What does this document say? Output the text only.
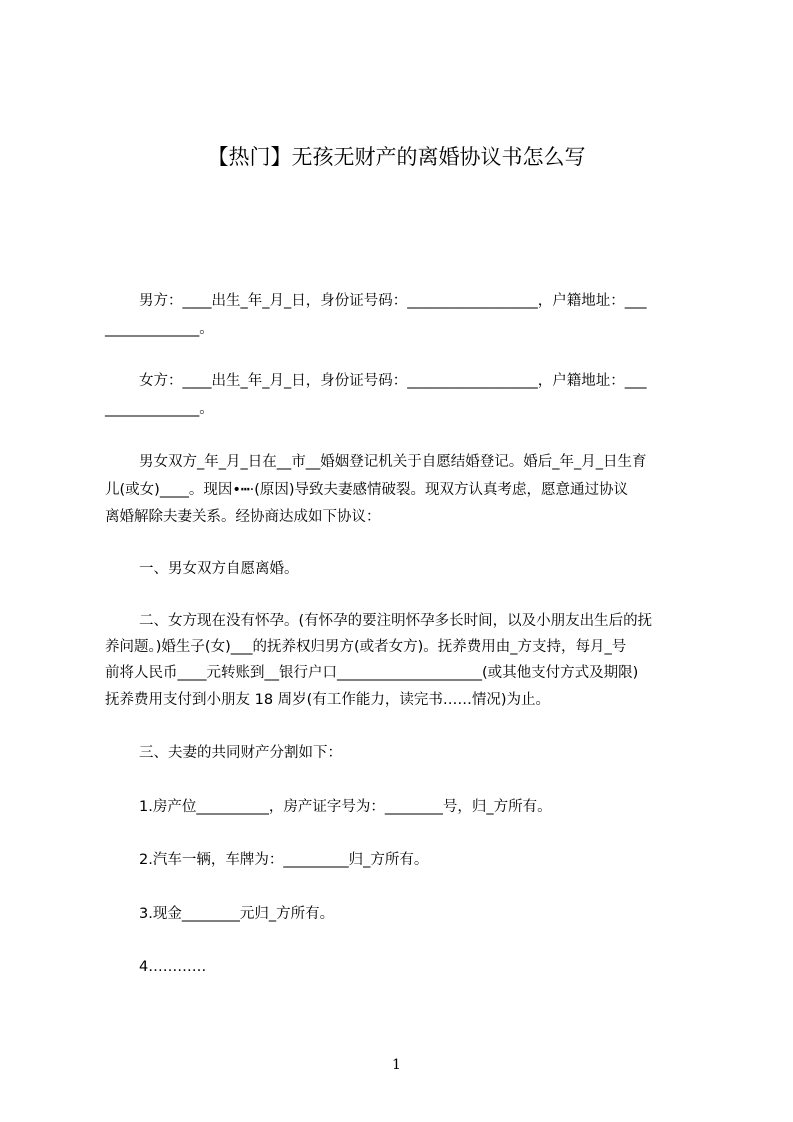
【热门】无孩无财产的离婚协议书怎么写
男方：____出生_年_月_日，身份证号码：__________________，户籍地址：___
_____________。
女方：____出生_年_月_日，身份证号码：__________________，户籍地址：___
_____________。
男女双方_年_月_日在__市__婚姻登记机关于自愿结婚登记。婚后_年_月_日生育
儿(或女)____。现因•┅·(原因)导致夫妻感情破裂。现双方认真考虑，愿意通过协议
离婚解除夫妻关系。经协商达成如下协议：
一、男女双方自愿离婚。
二、女方现在没有怀孕。(有怀孕的要注明怀孕多长时间，以及小朋友出生后的抚
养问题。)婚生子(女)___的抚养权归男方(或者女方)。抚养费用由_方支持，每月_号
前将人民币____元转账到__银行户口____________________(或其他支付方式及期限)
抚养费用支付到小朋友 18 周岁(有工作能力，读完书……情况)为止。
三、夫妻的共同财产分割如下：
1.房产位__________，房产证字号为：________号，归_方所有。
2.汽车一辆，车牌为：_________归_方所有。
3.现金________元归_方所有。
4…………
1
